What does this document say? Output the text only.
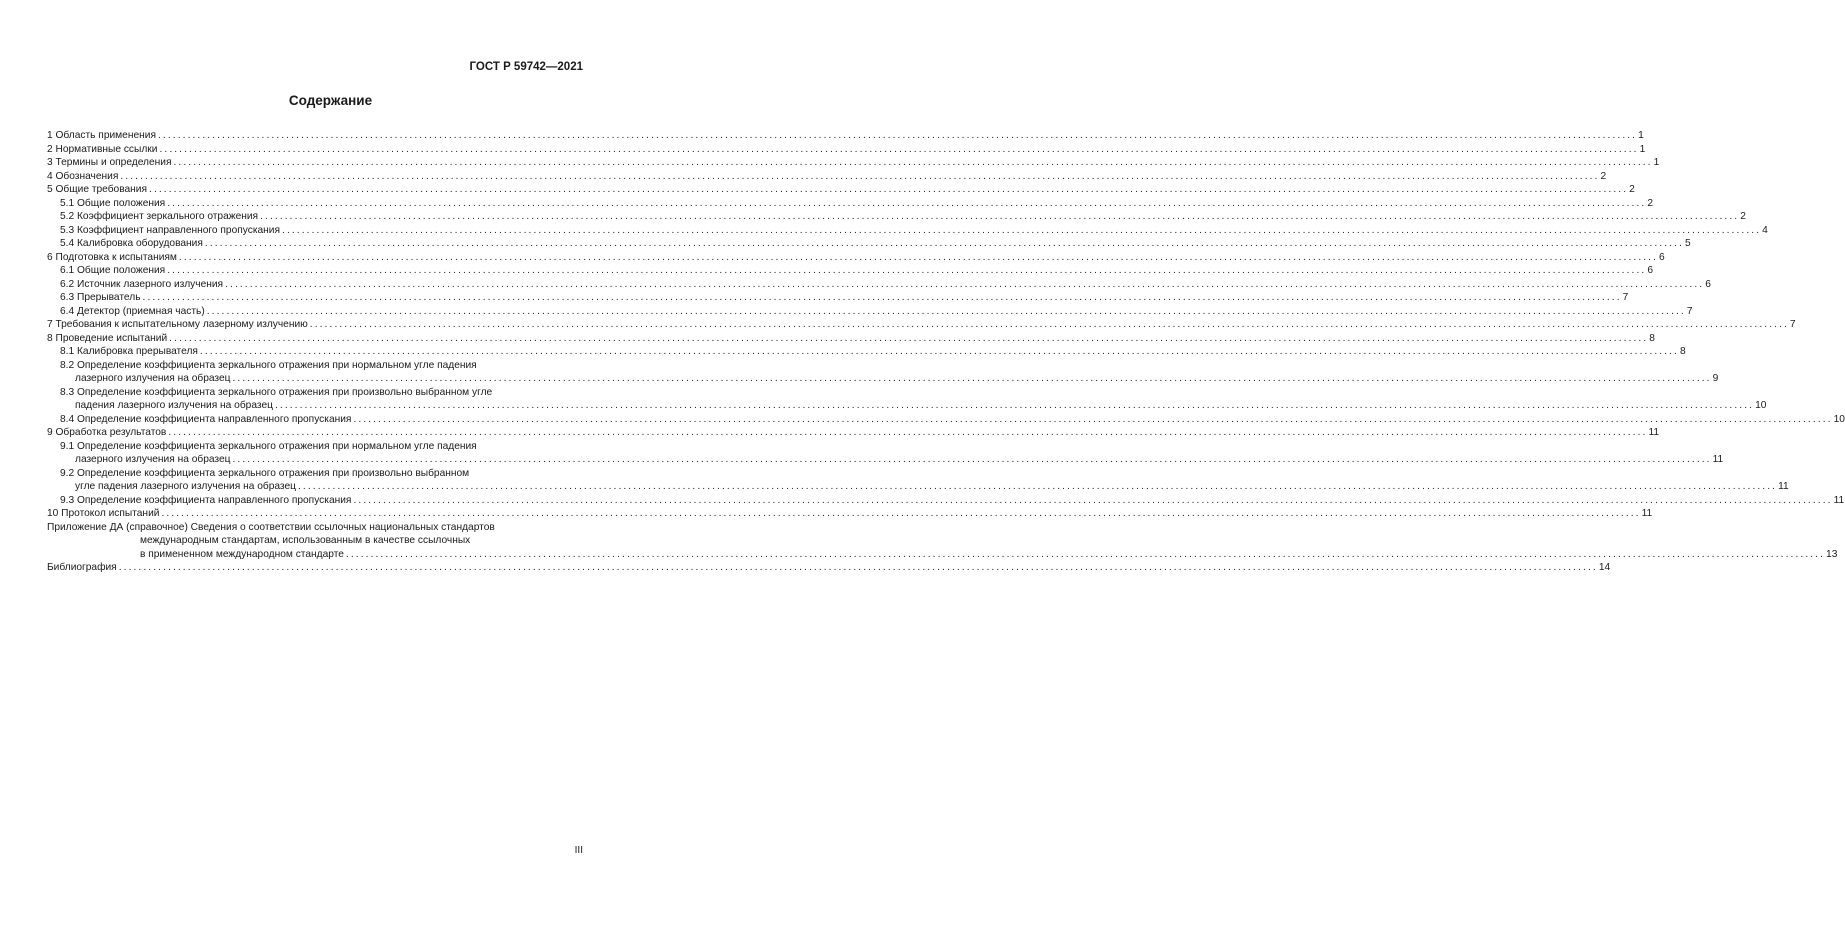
ГОСТ Р 59742—2021
Содержание
1 Область применения ............................................................................................................................................................................................................................................................................................................ 1
2 Нормативные ссылки ............................................................................................................................................................................................................................................................................................................ 1
3 Термины и определения ............................................................................................................................................................................................................................................................................................................ 1
4 Обозначения ............................................................................................................................................................................................................................................................................................................ 2
5 Общие требования ............................................................................................................................................................................................................................................................................................................ 2
5.1 Общие положения ............................................................................................................................................................................................................................................................................................................ 2
5.2 Коэффициент зеркального отражения ............................................................................................................................................................................................................................................................................................................ 2
5.3 Коэффициент направленного пропускания ............................................................................................................................................................................................................................................................................................................ 4
5.4 Калибровка оборудования ............................................................................................................................................................................................................................................................................................................ 5
6 Подготовка к испытаниям ............................................................................................................................................................................................................................................................................................................ 6
6.1 Общие положения ............................................................................................................................................................................................................................................................................................................ 6
6.2 Источник лазерного излучения ............................................................................................................................................................................................................................................................................................................ 6
6.3 Прерыватель ............................................................................................................................................................................................................................................................................................................ 7
6.4 Детектор (приемная часть) ............................................................................................................................................................................................................................................................................................................ 7
7 Требования к испытательному лазерному излучению ............................................................................................................................................................................................................................................................................................................ 7
8 Проведение испытаний ............................................................................................................................................................................................................................................................................................................ 8
8.1 Калибровка прерывателя ............................................................................................................................................................................................................................................................................................................ 8
8.2 Определение коэффициента зеркального отражения при нормальном угле падения
лазерного излучения на образец ............................................................................................................................................................................................................................................................................................................ 9
8.3 Определение коэффициента зеркального отражения при произвольно выбранном угле
падения лазерного излучения на образец ............................................................................................................................................................................................................................................................................................................ 10
8.4 Определение коэффициента направленного пропускания ............................................................................................................................................................................................................................................................................................................ 10
9 Обработка результатов ............................................................................................................................................................................................................................................................................................................ 11
9.1 Определение коэффициента зеркального отражения при нормальном угле падения
лазерного излучения на образец ............................................................................................................................................................................................................................................................................................................ 11
9.2 Определение коэффициента зеркального отражения при произвольно выбранном
угле падения лазерного излучения на образец ............................................................................................................................................................................................................................................................................................................ 11
9.3 Определение коэффициента направленного пропускания ............................................................................................................................................................................................................................................................................................................ 11
10 Протокол испытаний ............................................................................................................................................................................................................................................................................................................ 11
Приложение ДА (справочное) Сведения о соответствии ссылочных национальных стандартов
международным стандартам, использованным в качестве ссылочных
в примененном международном стандарте ............................................................................................................................................................................................................................................................................................................ 13
Библиография ............................................................................................................................................................................................................................................................................................................ 14
III
